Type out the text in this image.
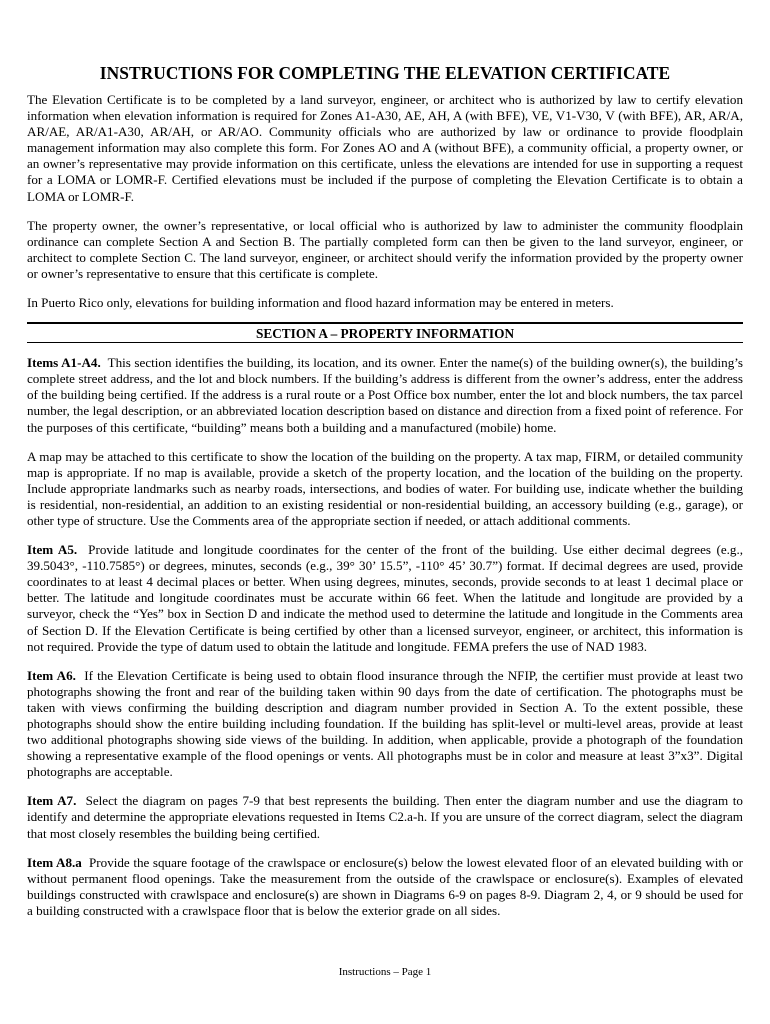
INSTRUCTIONS FOR COMPLETING THE ELEVATION CERTIFICATE

The Elevation Certificate is to be completed by a land surveyor, engineer, or architect who is authorized by law to certify elevation information when elevation information is required for Zones A1-A30, AE, AH, A (with BFE), VE, V1-V30, V (with BFE), AR, AR/A, AR/AE, AR/A1-A30, AR/AH, or AR/AO. Community officials who are authorized by law or ordinance to provide floodplain management information may also complete this form. For Zones AO and A (without BFE), a community official, a property owner, or an owner’s representative may provide information on this certificate, unless the elevations are intended for use in supporting a request for a LOMA or LOMR-F. Certified elevations must be included if the purpose of completing the Elevation Certificate is to obtain a LOMA or LOMR-F.

The property owner, the owner’s representative, or local official who is authorized by law to administer the community floodplain ordinance can complete Section A and Section B. The partially completed form can then be given to the land surveyor, engineer, or architect to complete Section C. The land surveyor, engineer, or architect should verify the information provided by the property owner or owner’s representative to ensure that this certificate is complete.

In Puerto Rico only, elevations for building information and flood hazard information may be entered in meters.

SECTION A – PROPERTY INFORMATION

Items A1-A4. This section identifies the building, its location, and its owner. Enter the name(s) of the building owner(s), the building’s complete street address, and the lot and block numbers. If the building’s address is different from the owner’s address, enter the address of the building being certified. If the address is a rural route or a Post Office box number, enter the lot and block numbers, the tax parcel number, the legal description, or an abbreviated location description based on distance and direction from a fixed point of reference. For the purposes of this certificate, “building” means both a building and a manufactured (mobile) home.

A map may be attached to this certificate to show the location of the building on the property. A tax map, FIRM, or detailed community map is appropriate. If no map is available, provide a sketch of the property location, and the location of the building on the property. Include appropriate landmarks such as nearby roads, intersections, and bodies of water. For building use, indicate whether the building is residential, non-residential, an addition to an existing residential or non-residential building, an accessory building (e.g., garage), or other type of structure. Use the Comments area of the appropriate section if needed, or attach additional comments.

Item A5. Provide latitude and longitude coordinates for the center of the front of the building. Use either decimal degrees (e.g., 39.5043°, -110.7585°) or degrees, minutes, seconds (e.g., 39° 30’ 15.5”, -110° 45’ 30.7”) format. If decimal degrees are used, provide coordinates to at least 4 decimal places or better. When using degrees, minutes, seconds, provide seconds to at least 1 decimal place or better. The latitude and longitude coordinates must be accurate within 66 feet. When the latitude and longitude are provided by a surveyor, check the “Yes” box in Section D and indicate the method used to determine the latitude and longitude in the Comments area of Section D. If the Elevation Certificate is being certified by other than a licensed surveyor, engineer, or architect, this information is not required. Provide the type of datum used to obtain the latitude and longitude. FEMA prefers the use of NAD 1983.

Item A6. If the Elevation Certificate is being used to obtain flood insurance through the NFIP, the certifier must provide at least two photographs showing the front and rear of the building taken within 90 days from the date of certification. The photographs must be taken with views confirming the building description and diagram number provided in Section A. To the extent possible, these photographs should show the entire building including foundation. If the building has split-level or multi-level areas, provide at least two additional photographs showing side views of the building. In addition, when applicable, provide a photograph of the foundation showing a representative example of the flood openings or vents. All photographs must be in color and measure at least 3”x3”. Digital photographs are acceptable.

Item A7. Select the diagram on pages 7-9 that best represents the building. Then enter the diagram number and use the diagram to identify and determine the appropriate elevations requested in Items C2.a-h. If you are unsure of the correct diagram, select the diagram that most closely resembles the building being certified.

Item A8.a Provide the square footage of the crawlspace or enclosure(s) below the lowest elevated floor of an elevated building with or without permanent flood openings. Take the measurement from the outside of the crawlspace or enclosure(s). Examples of elevated buildings constructed with crawlspace and enclosure(s) are shown in Diagrams 6-9 on pages 8-9. Diagram 2, 4, or 9 should be used for a building constructed with a crawlspace floor that is below the exterior grade on all sides.

Instructions – Page 1
